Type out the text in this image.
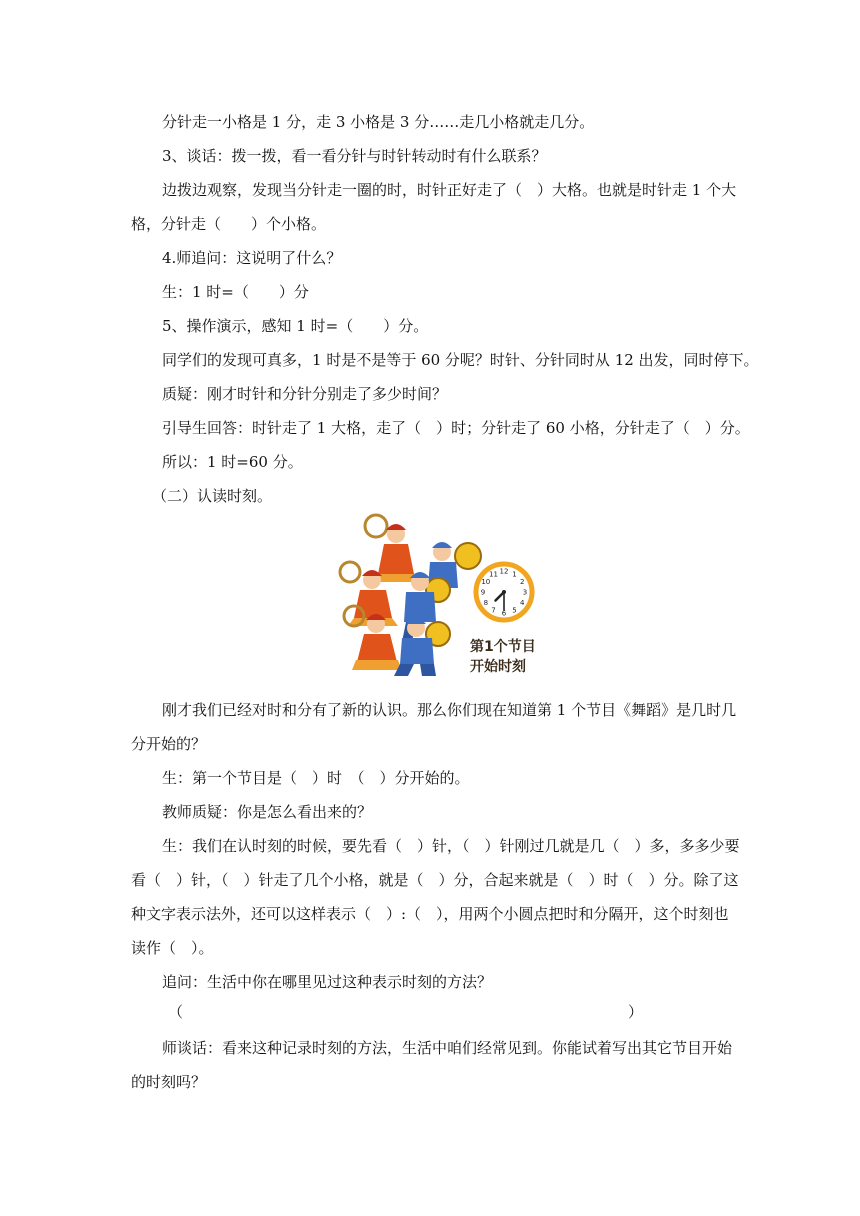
分针走一小格是 1 分，走 3 小格是 3 分……走几小格就走几分。
3、谈话：拨一拨，看一看分针与时针转动时有什么联系？
边拨边观察，发现当分针走一圈的时，时针正好走了（　）大格。也就是时针走 1 个大
格，分针走（　　）个小格。
4.师追问：这说明了什么？
生：1 时=（　　）分
5、操作演示，感知 1 时=（　　）分。
同学们的发现可真多，1 时是不是等于 60 分呢？时针、分针同时从 12 出发，同时停下。
质疑：刚才时针和分针分别走了多少时间？
引导生回答：时针走了 1 大格，走了（　）时；分针走了 60 小格，分针走了（　）分。
所以：1 时=60 分。
（二）认读时刻。
12 1
2
3
4
5
6
7
8
9
10
11
第1个节目
开始时刻
刚才我们已经对时和分有了新的认识。那么你们现在知道第 1 个节目《舞蹈》是几时几
分开始的？
生：第一个节目是（　）时　（　）分开始的。
教师质疑：你是怎么看出来的？
生：我们在认时刻的时候，要先看（　）针，（　）针刚过几就是几（　）多，多多少要
看（　）针，（　）针走了几个小格，就是（　）分，合起来就是（　）时（　）分。除了这
种文字表示法外，还可以这样表示（　）:（　），用两个小圆点把时和分隔开，这个时刻也
读作（　）。
追问：生活中你在哪里见过这种表示时刻的方法？
（	）
师谈话：看来这种记录时刻的方法，生活中咱们经常见到。你能试着写出其它节目开始
的时刻吗？
